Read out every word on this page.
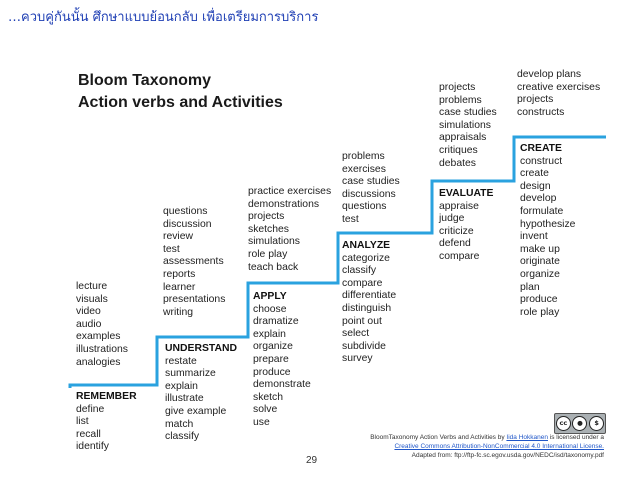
…ควบคู่กันนั้น ศึกษาแบบย้อนกลับ เพื่อเตรียมการบริการ
Bloom Taxonomy
Action verbs and Activities
lecture
visuals
video
audio
examples
illustrations
analogies
REMEMBER
define
list
recall
identify
questions
discussion
review
test
assessments
reports
learner
presentations
writing
UNDERSTAND
restate
summarize
explain
illustrate
give example
match
classify
practice exercises
demonstrations
projects
sketches
simulations
role play
teach back
APPLY
choose
dramatize
explain
organize
prepare
produce
demonstrate
sketch
solve
use
problems
exercises
case studies
discussions
questions
test
ANALYZE
categorize
classify
compare
differentiate
distinguish
point out
select
subdivide
survey
projects
problems
case studies
simulations
appraisals
critiques
debates
EVALUATE
appraise
judge
criticize
defend
compare
develop plans
creative exercises
projects
constructs
CREATE
construct
create
design
develop
formulate
hypothesize
invent
make up
originate
organize
plan
produce
role play
cc	●	$
BloomTaxonomy Action Verbs and Activities by Iida Hokkanen is licensed under a
Creative Commons Attribution-NonCommercial 4.0 International License.
Adapted from: ftp://ftp-fc.sc.egov.usda.gov/NEDC/isd/taxonomy.pdf
29
